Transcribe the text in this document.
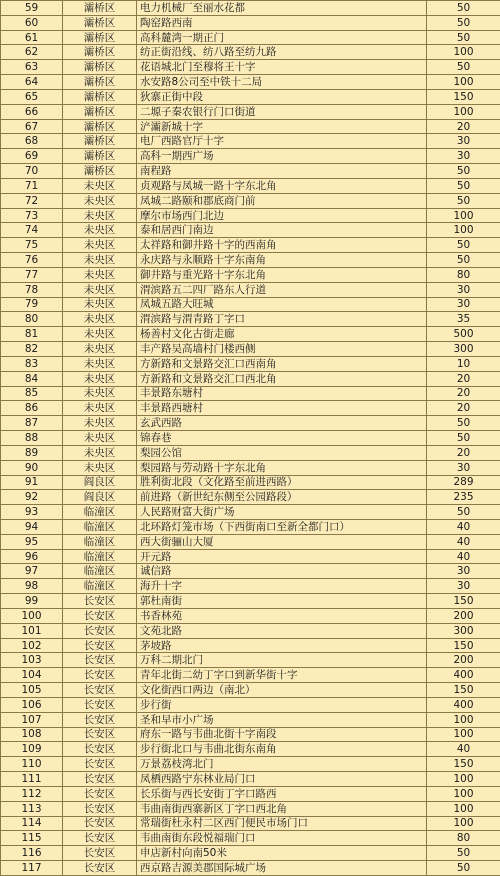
59	灞桥区	电力机械厂至丽水花都	50
60	灞桥区	陶窑路西南	50
61	灞桥区	高科麓湾一期正门	50
62	灞桥区	纺正街沿线、纺八路至纺九路	100
63	灞桥区	花语城北门至穆将王十字	50
64	灞桥区	水安路8公司至中铁十二局	100
65	灞桥区	狄寨正街中段	150
66	灞桥区	二塬子秦农银行门口街道	100
67	灞桥区	浐灞新城十字	20
68	灞桥区	电厂西路官厅十字	30
69	灞桥区	高科一期西广场	30
70	灞桥区	南程路	50
71	未央区	贞观路与凤城一路十字东北角	50
72	未央区	凤城二路颐和郡底商门前	50
73	未央区	摩尔市场西门北边	100
74	未央区	泰和居西门南边	100
75	未央区	太祥路和御井路十字的西南角	50
76	未央区	永庆路与永顺路十字东南角	50
77	未央区	御井路与重光路十字东北角	80
78	未央区	渭滨路五二四厂路东人行道	30
79	未央区	凤城五路大旺城	30
80	未央区	渭滨路与渭青路丁字口	35
81	未央区	杨善村文化古街走廊	500
82	未央区	丰产路吴高墙村门楼西侧	300
83	未央区	方新路和文景路交汇口西南角	10
84	未央区	方新路和文景路交汇口西北角	20
85	未央区	丰景路东塘村	20
86	未央区	丰景路西塘村	20
87	未央区	玄武西路	50
88	未央区	锦春巷	50
89	未央区	梨园公馆	20
90	未央区	梨园路与劳动路十字东北角	30
91	阎良区	胜利街北段（文化路至前进西路）	289
92	阎良区	前进路（新世纪东侧至公园路段）	235
93	临潼区	人民路财富大街广场	50
94	临潼区	北环路灯笼市场（下西街南口至新全都门口）	40
95	临潼区	西大街骊山大厦	40
96	临潼区	开元路	40
97	临潼区	诚信路	30
98	临潼区	海升十字	30
99	长安区	郭杜南街	150
100	长安区	书香林苑	200
101	长安区	文苑北路	300
102	长安区	茅坡路	150
103	长安区	万科二期北门	200
104	长安区	青年北街二幼丁字口到新华街十字	400
105	长安区	文化街西口两边（南北）	150
106	长安区	步行街	400
107	长安区	圣和早市小广场	100
108	长安区	府东一路与韦曲北街十字南段	100
109	长安区	步行街北口与韦曲北街东南角	40
110	长安区	万景荔枝湾北门	150
111	长安区	凤栖西路宁东林业局门口	100
112	长安区	长乐街与西长安街丁字口路西	100
113	长安区	韦曲南街西寨新区丁字口西北角	100
114	长安区	常瑞街杜永村二区西门便民市场门口	100
115	长安区	韦曲南街东段悦福瑞门口	80
116	长安区	申店新村向南50米	50
117	长安区	西京路吉源美郡国际城广场	50
